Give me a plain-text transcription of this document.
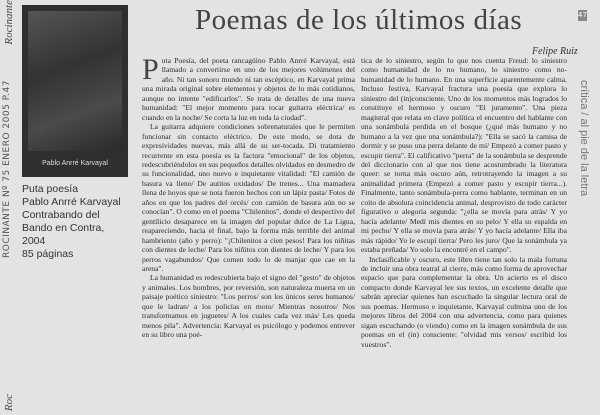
Rocinante
ROCINANTE Nº 75 ENERO 2005 P.47
Roc
Pablo Anrré Karvayal
Puta poesía
Pablo Anrré Karvayal
Contrabando del
Bando en Contra,
2004
85 páginas
Poemas de los últimos días
Felipe Ruiz
47
crítica / al pie de la letra

Puta Poesía, del poeta rancagüino Pablo Anrré Karvayal, está llamado a convertirse en uno de los mejores volúmenes del año. Ni tan sonoro mundo ni tan escéptico, en Karvayal prima una mirada original sobre elementos y objetos de lo más cotidianos, aunque no intente "edificarlos". Se trata de detalles de una nueva humanidad: "El mejor momento para tocar guitarra eléctrica/ es cuando en la noche/ Se corta la luz en toda la ciudad".

La guitarra adquiere condiciones sobrenaturales que le permiten funcionar sin contacto eléctrico. De este modo, se dota de expresividades nuevas, más allá de su ser-tocada. Di tratamiento recurrente en esta poesía es la factura "emocional" de los objetos, redescubriéndolos en sus pequeños detalles olvidados en desmedro de su funcionalidad, uno nuevo e inquietante vitalidad: "El camión de basura va lleno/ De autitos oxidados/ De trenes... Una mamadera llena de hoyos que se nota fueron hechos con un lápiz pasta/ Fotos de años en que los padres del orcés/ con camión de basura aún no se conocían". O como en el poema "Chilenitos", donde el despectivo del gentilicio desaparece en la imagen del popular dulce de La Ligua, reapareciendo, hacia el final, bajo la forma más terrible del animal hambriento (año y perro): "¡Chilenitos a cien pesos! Para los niñitas con dientes de leche/ Para los niñitos con dientes de leche/ Y para los perros vagabundos/ Que comen todo lo de manjar que cae en la arena".

La humanidad es redescubierta bajo el signo del "gesto" de objetos y animales. Los hombres, por reversión, son naturaleza muerta en un paisaje poético siniestro: "Los perros/ son los únicos seres humanos/ que le ladran/ a los policías en moto/ Mientras nosotros/ Nos transformamos en juguetes/ A los cuales cada vez más/ Les queda menos pila". Advertencia: Karvayal es psicólogo y podemos entrever en su libro una poé-

tica de lo siniestro, según lo que nos cuenta Freud: lo siniestro como humanidad de lo no humano, lo siniestro como no-humanidad de lo humano. En una superficie aparentemente calma. Incluso festiva, Karvayal fractura una poesía que explora lo siniestro del (in)consciente. Uno de los momentos más logrados lo constituye el hermoso y oscuro "El juramento". Una pieza magistral que relata en clave política el encuentro del hablante con una sonámbula perdida en el bosque (¿qué más humano y no humano a la vez que una sonámbula?): "Ella se sacó la camisa de dormir y se puso una perra delante de mí/ Empezó a comer pasto y escupir tierra". El calificativo "perra" de la sonámbula se desprende del diccionario con al que nos tiene acostumbrado la literatura queer: se torna más oscuro aún, retrotrayendo la imagen a su animalidad primera (Empezó a comer pasto y escupir tierra...). Finalmente, tanto sonámbula-perra como hablante, terminan en un coito de absoluta coincidencia animal, desprovisto de todo carácter figurativo o alegoría segunda: "¿ella se movía para atrás/ Y yo hacía adelante/ Medí mis dientes en su pelo/ Y ella su espalda en mi pecho/ Y ella se movía para atrás/ Y yo hacía adelante/ Ella iba más rápido/ Yo le escupí tierra/ Pero les juro/ Que la sonámbula ya estaba preñada/ Yo solo la encontré en el campo".

Inclasificable y oscuro, este libro tiene tan solo la mala fortuna de incluir una obra teatral al cierre, más como forma de aprovechar espacio que para complementar la obra. Un acierto es el disco compacto donde Karvayal lee sus textos, un excelente detalle que sabrán apreciar quienes han escuchado la singular lectura oral de sus poemas. Hermoso e inquietante, Karvayal culmina uno de los mejores libros del 2004 con una advertencia, como para quienes sigan escuchando (o viendo) como en la imagen sonámbula de sus poemas en el (in) consciente: "olvidad mis versos/ escribid los vuestros".
